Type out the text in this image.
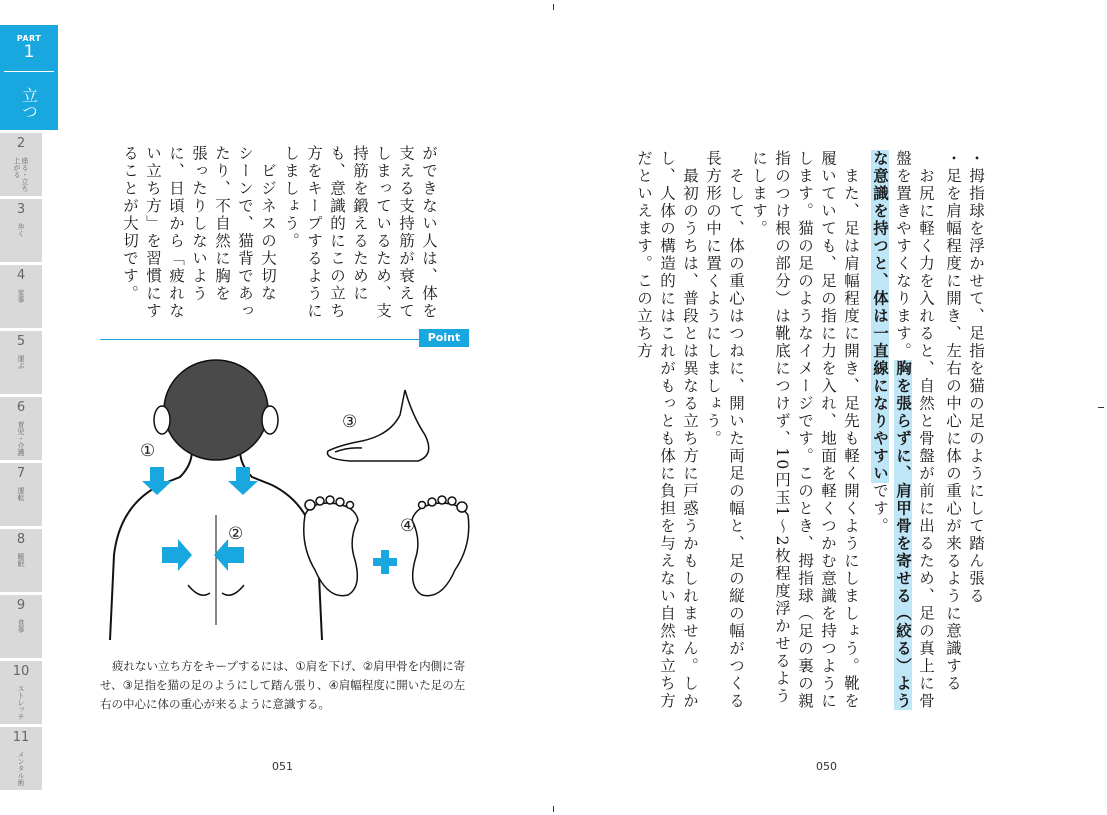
PART
1
立つ
2
座る・立ち上がる
3
歩く
4
家事
5
運ぶ
6
育児・介護
7
運転
8
睡眠
9
食事
10
ストレッチ
11
メンタル術

ができない人は、体を
支える支持筋が衰えて
しまっているため、支
持筋を鍛えるために
も、意識的にこの立ち
方をキープするように
しましょう。
　ビジネスの大切な
シーンで、猫背であっ
たり、不自然に胸を
張ったりしないよう
に、日頃から「疲れな
い立ち方」を習慣にす
ることが大切です。

Point
①
②
③
④

疲れない立ち方をキープするには、①肩を下げ、②肩甲骨を内側に寄

せ、③足指を猫の足のようにして踏ん張り、④肩幅程度に開いた足の左

右の中心に体の重心が来るように意識する。

051

・拇指球を浮かせて、足指を猫の足のようにして踏ん張る

・足を肩幅程度に開き、左右の中心に体の重心が来るように意識する

　お尻に軽く力を入れると、自然と骨盤が前に出るため、足の真上に骨盤を置きやすくなります。胸を張らずに、肩甲骨を寄せる（絞る）ような意識を持つと、体は一直線になりやすいです。

　また、足は肩幅程度に開き、足先も軽く開くようにしましょう。靴を履いていても、足の指に力を入れ、地面を軽くつかむ意識を持つようにします。猫の足のようなイメージです。このとき、拇指球（足の裏の親指のつけ根の部分）は靴底につけず、10円玉1〜2枚程度浮かせるようにします。

　そして、体の重心はつねに、開いた両足の幅と、足の縦の幅がつくる長方形の中に置くようにしましょう。

　最初のうちは、普段とは異なる立ち方に戸惑うかもしれません。しかし、人体の構造的にはこれがもっとも体に負担を与えない自然な立ち方だといえます。この立ち方

050
